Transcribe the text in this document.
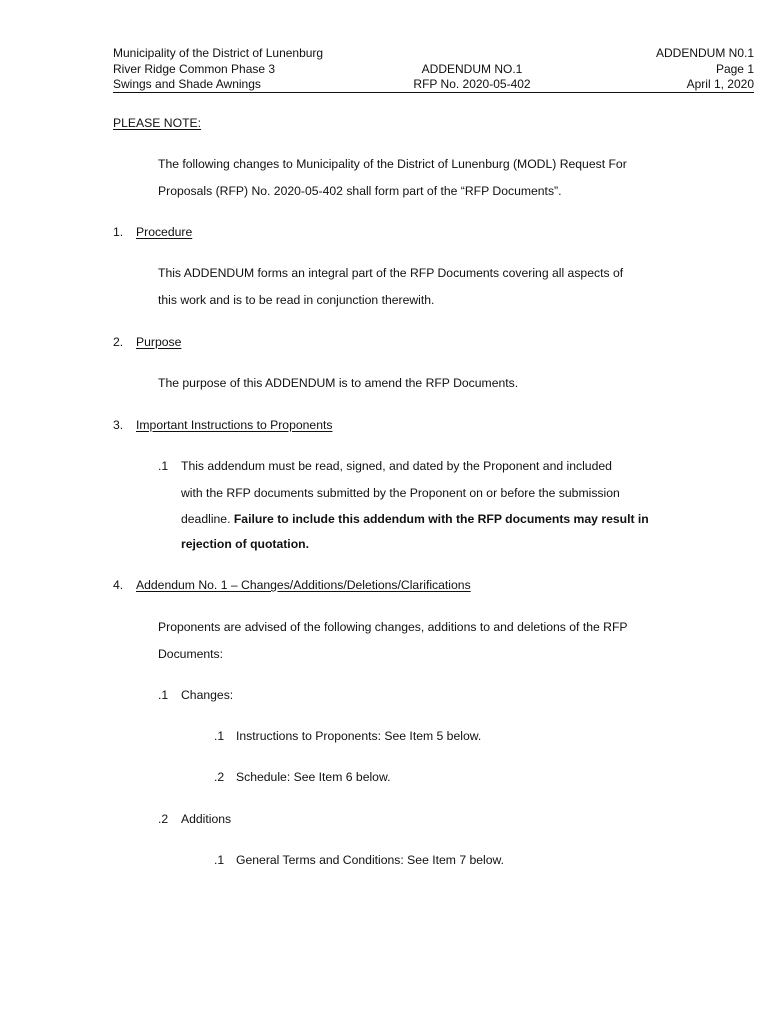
Municipality of the District of Lunenburg
River Ridge Common Phase 3
Swings and Shade Awnings
ADDENDUM NO.1
RFP No. 2020-05-402
ADDENDUM N0.1
Page 1
April 1, 2020
PLEASE NOTE:
The following changes to Municipality of the District of Lunenburg (MODL) Request For
Proposals (RFP) No. 2020-05-402 shall form part of the “RFP Documents”.
1. Procedure
This ADDENDUM forms an integral part of the RFP Documents covering all aspects of
this work and is to be read in conjunction therewith.
2. Purpose
The purpose of this ADDENDUM is to amend the RFP Documents.
3. Important Instructions to Proponents
.1 This addendum must be read, signed, and dated by the Proponent and included
with the RFP documents submitted by the Proponent on or before the submission
deadline. Failure to include this addendum with the RFP documents may result in
rejection of quotation.
4. Addendum No. 1 – Changes/Additions/Deletions/Clarifications
Proponents are advised of the following changes, additions to and deletions of the RFP
Documents:
.1 Changes:
.1 Instructions to Proponents: See Item 5 below.
.2 Schedule: See Item 6 below.
.2 Additions
.1 General Terms and Conditions: See Item 7 below.
